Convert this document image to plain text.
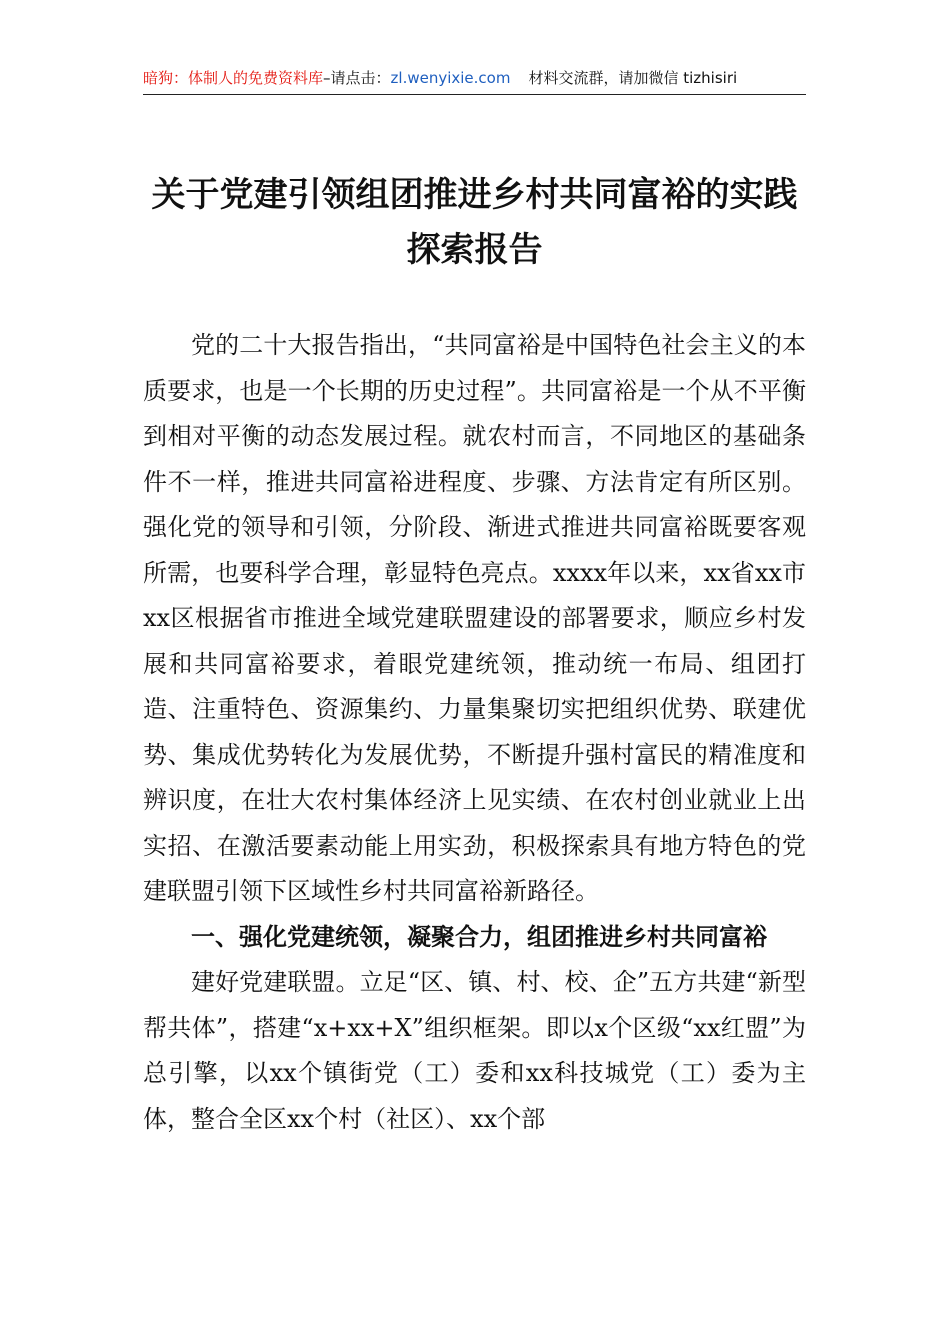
暗狗：体制人的免费资料库–请点击：zl.wenyixie.com 材料交流群，请加微信 tizhisiri
关于党建引领组团推进乡村共同富裕的实践探索报告

党的二十大报告指出，“共同富裕是中国特色社会主义的本质要求，也是一个长期的历史过程”。共同富裕是一个从不平衡到相对平衡的动态发展过程。就农村而言，不同地区的基础条件不一样，推进共同富裕进程度、步骤、方法肯定有所区别。强化党的领导和引领，分阶段、渐进式推进共同富裕既要客观所需，也要科学合理，彰显特色亮点。xxxx年以来，xx省xx市xx区根据省市推进全域党建联盟建设的部署要求，顺应乡村发展和共同富裕要求，着眼党建统领，推动统一布局、组团打造、注重特色、资源集约、力量集聚切实把组织优势、联建优势、集成优势转化为发展优势，不断提升强村富民的精准度和辨识度，在壮大农村集体经济上见实绩、在农村创业就业上出实招、在激活要素动能上用实劲，积极探索具有地方特色的党建联盟引领下区域性乡村共同富裕新路径。

一、强化党建统领，凝聚合力，组团推进乡村共同富裕

建好党建联盟。立足“区、镇、村、校、企”五方共建“新型帮共体”，搭建“x+xx+X”组织框架。即以x个区级“xx红盟”为总引擎，以xx个镇街党（工）委和xx科技城党（工）委为主体，整合全区xx个村（社区）、xx个部
